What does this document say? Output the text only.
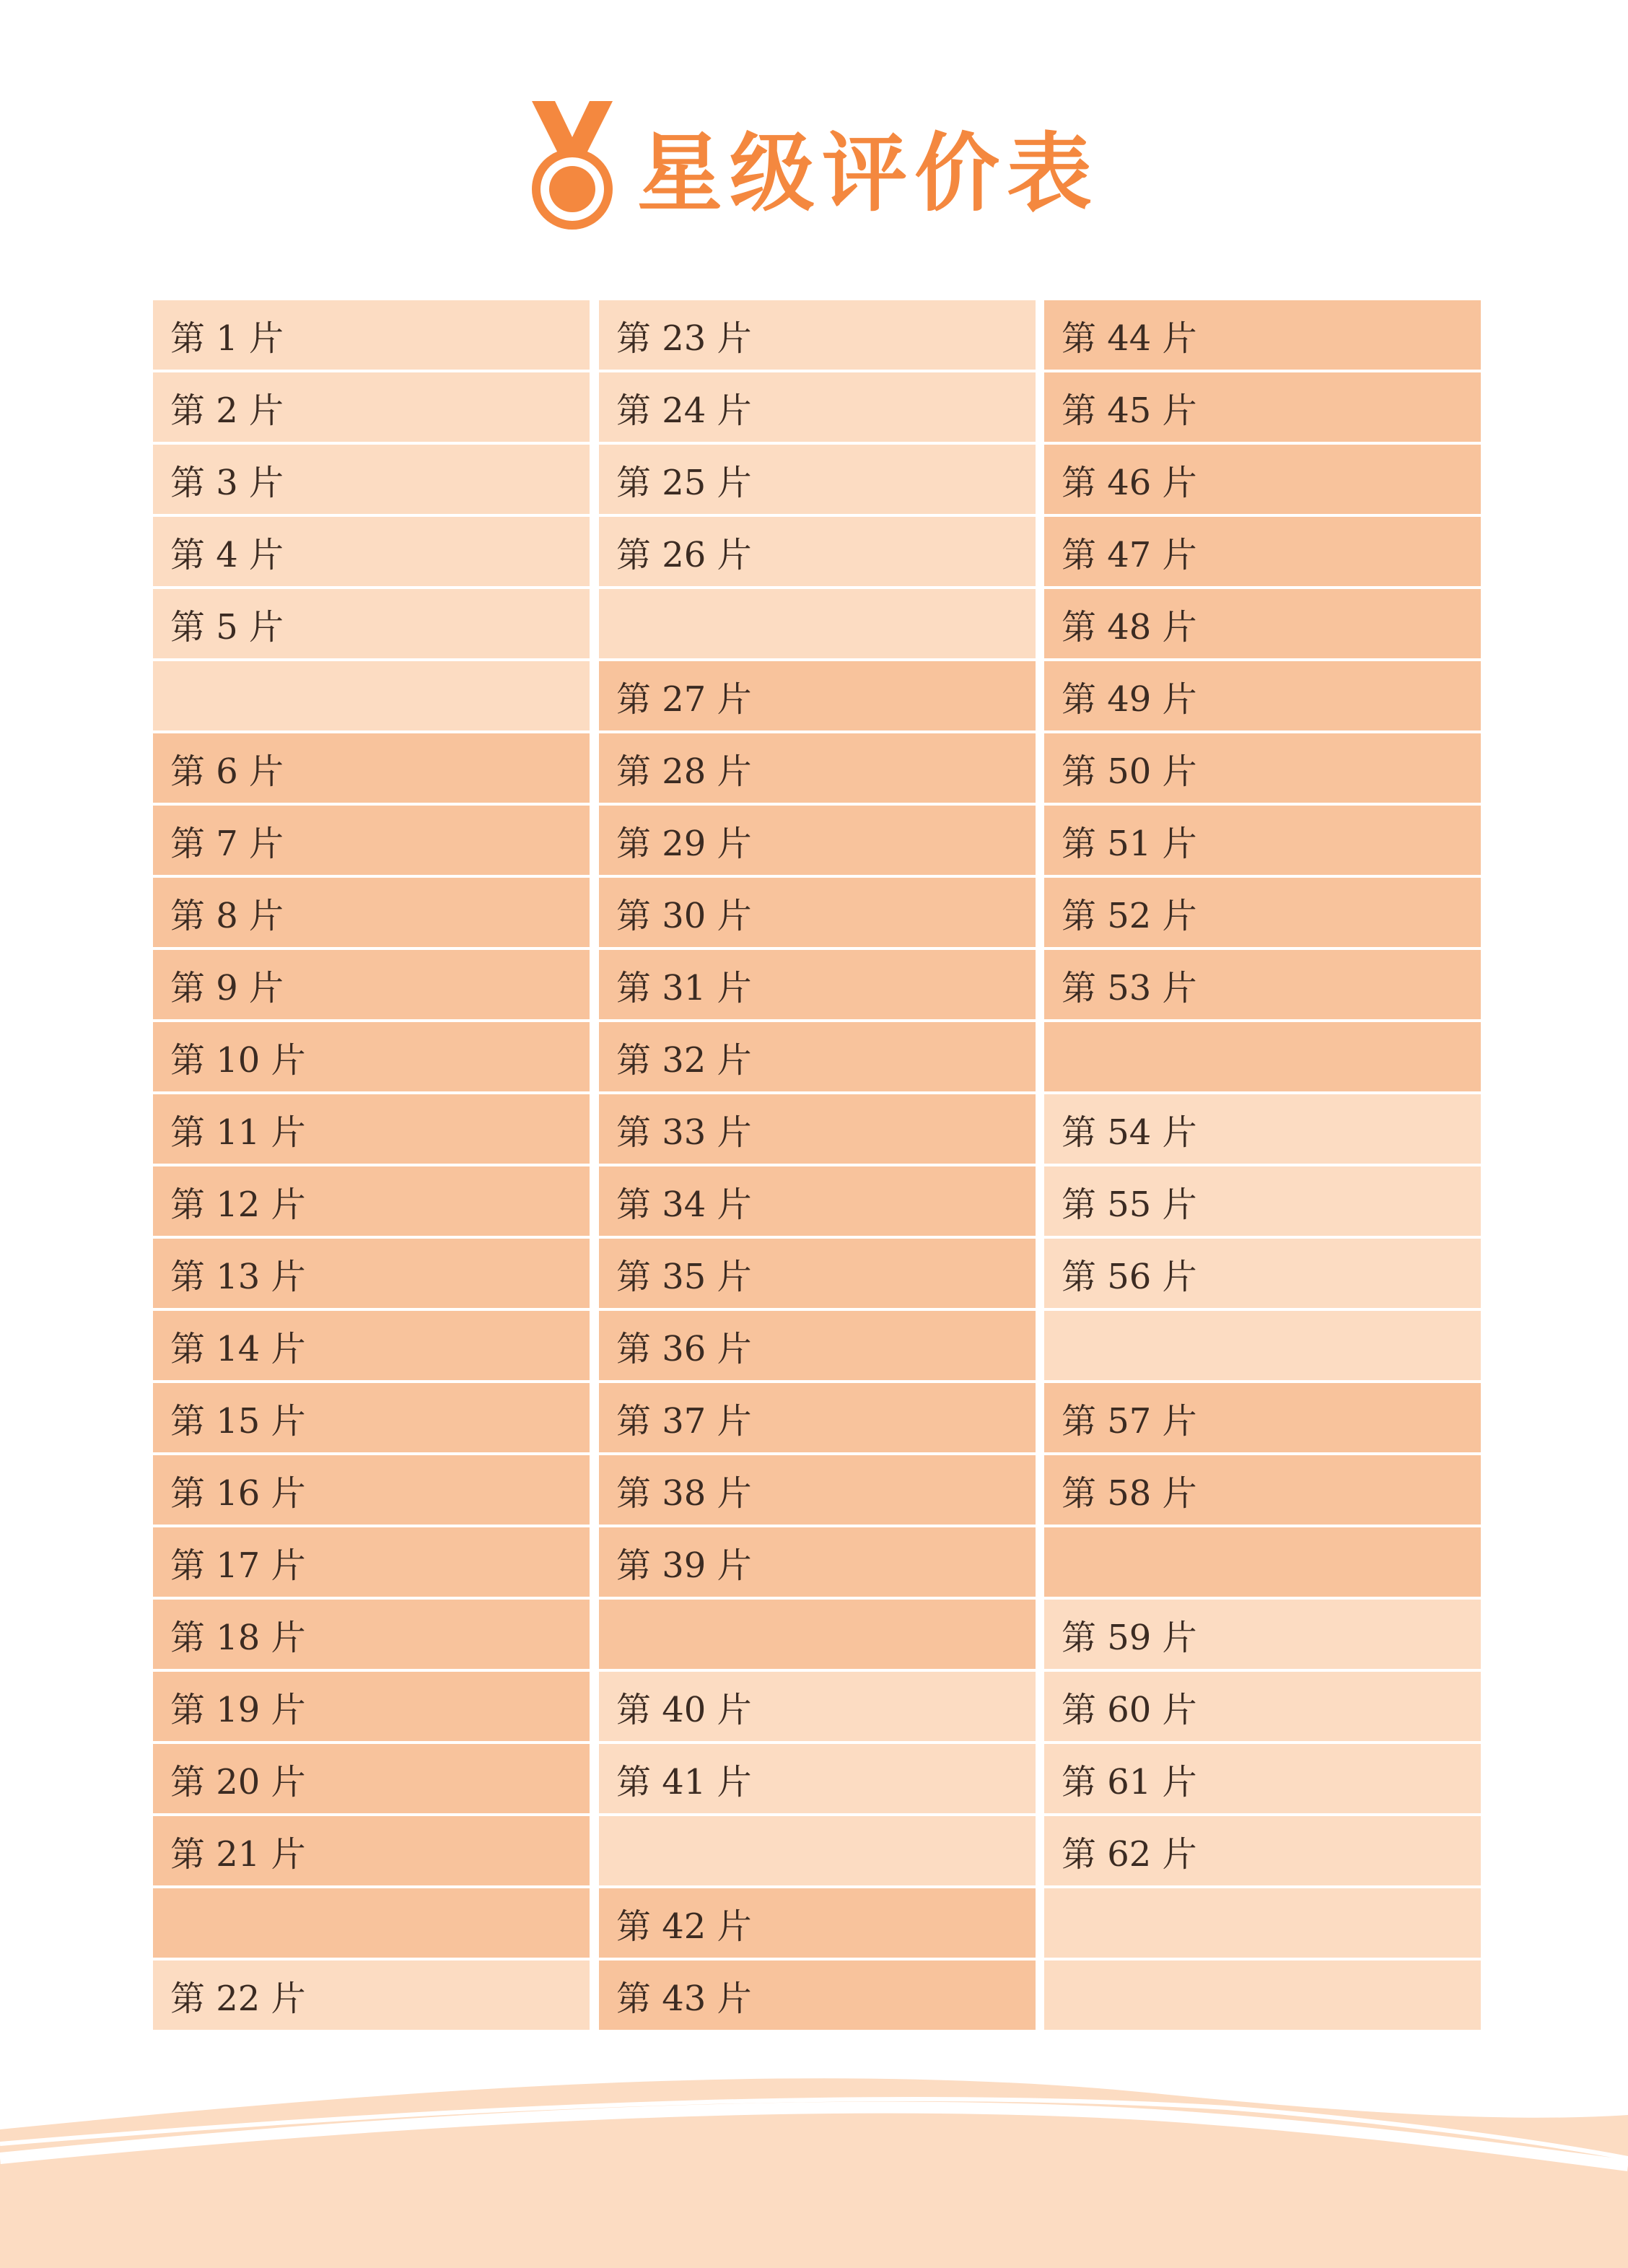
星级评价表
第 1 片
第 2 片
第 3 片
第 4 片
第 5 片
第 6 片
第 7 片
第 8 片
第 9 片
第 10 片
第 11 片
第 12 片
第 13 片
第 14 片
第 15 片
第 16 片
第 17 片
第 18 片
第 19 片
第 20 片
第 21 片
第 22 片
第 23 片
第 24 片
第 25 片
第 26 片
第 27 片
第 28 片
第 29 片
第 30 片
第 31 片
第 32 片
第 33 片
第 34 片
第 35 片
第 36 片
第 37 片
第 38 片
第 39 片
第 40 片
第 41 片
第 42 片
第 43 片
第 44 片
第 45 片
第 46 片
第 47 片
第 48 片
第 49 片
第 50 片
第 51 片
第 52 片
第 53 片
第 54 片
第 55 片
第 56 片
第 57 片
第 58 片
第 59 片
第 60 片
第 61 片
第 62 片
